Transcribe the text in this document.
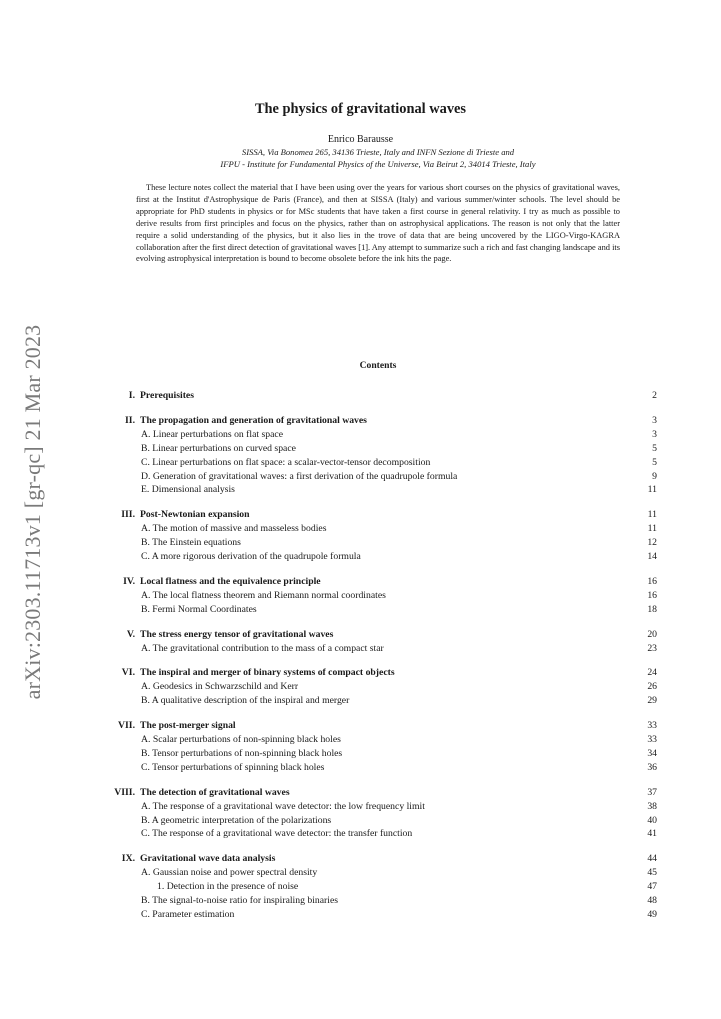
arXiv:2303.11713v1 [gr-qc] 21 Mar 2023
The physics of gravitational waves
Enrico Barausse
SISSA, Via Bonomea 265, 34136 Trieste, Italy and INFN Sezione di Trieste and
IFPU - Institute for Fundamental Physics of the Universe, Via Beirut 2, 34014 Trieste, Italy

These lecture notes collect the material that I have been using over the years for various short courses on the physics of gravitational waves, first at the Institut d'Astrophysique de Paris (France), and then at SISSA (Italy) and various summer/winter schools. The level should be appropriate for PhD students in physics or for MSc students that have taken a first course in general relativity. I try as much as possible to derive results from first principles and focus on the physics, rather than on astrophysical applications. The reason is not only that the latter require a solid understanding of the physics, but it also lies in the trove of data that are being uncovered by the LIGO-Virgo-KAGRA collaboration after the first direct detection of gravitational waves [1]. Any attempt to summarize such a rich and fast changing landscape and its evolving astrophysical interpretation is bound to become obsolete before the ink hits the page.

Contents
I. Prerequisites	2
II. The propagation and generation of gravitational waves	3
A. Linear perturbations on flat space	3
B. Linear perturbations on curved space	5
C. Linear perturbations on flat space: a scalar-vector-tensor decomposition	5
D. Generation of gravitational waves: a first derivation of the quadrupole formula	9
E. Dimensional analysis	11
III. Post-Newtonian expansion	11
A. The motion of massive and masseless bodies	11
B. The Einstein equations	12
C. A more rigorous derivation of the quadrupole formula	14
IV. Local flatness and the equivalence principle	16
A. The local flatness theorem and Riemann normal coordinates	16
B. Fermi Normal Coordinates	18
V. The stress energy tensor of gravitational waves	20
A. The gravitational contribution to the mass of a compact star	23
VI. The inspiral and merger of binary systems of compact objects	24
A. Geodesics in Schwarzschild and Kerr	26
B. A qualitative description of the inspiral and merger	29
VII. The post-merger signal	33
A. Scalar perturbations of non-spinning black holes	33
B. Tensor perturbations of non-spinning black holes	34
C. Tensor perturbations of spinning black holes	36
VIII. The detection of gravitational waves	37
A. The response of a gravitational wave detector: the low frequency limit	38
B. A geometric interpretation of the polarizations	40
C. The response of a gravitational wave detector: the transfer function	41
IX. Gravitational wave data analysis	44
A. Gaussian noise and power spectral density	45
1. Detection in the presence of noise	47
B. The signal-to-noise ratio for inspiraling binaries	48
C. Parameter estimation	49
